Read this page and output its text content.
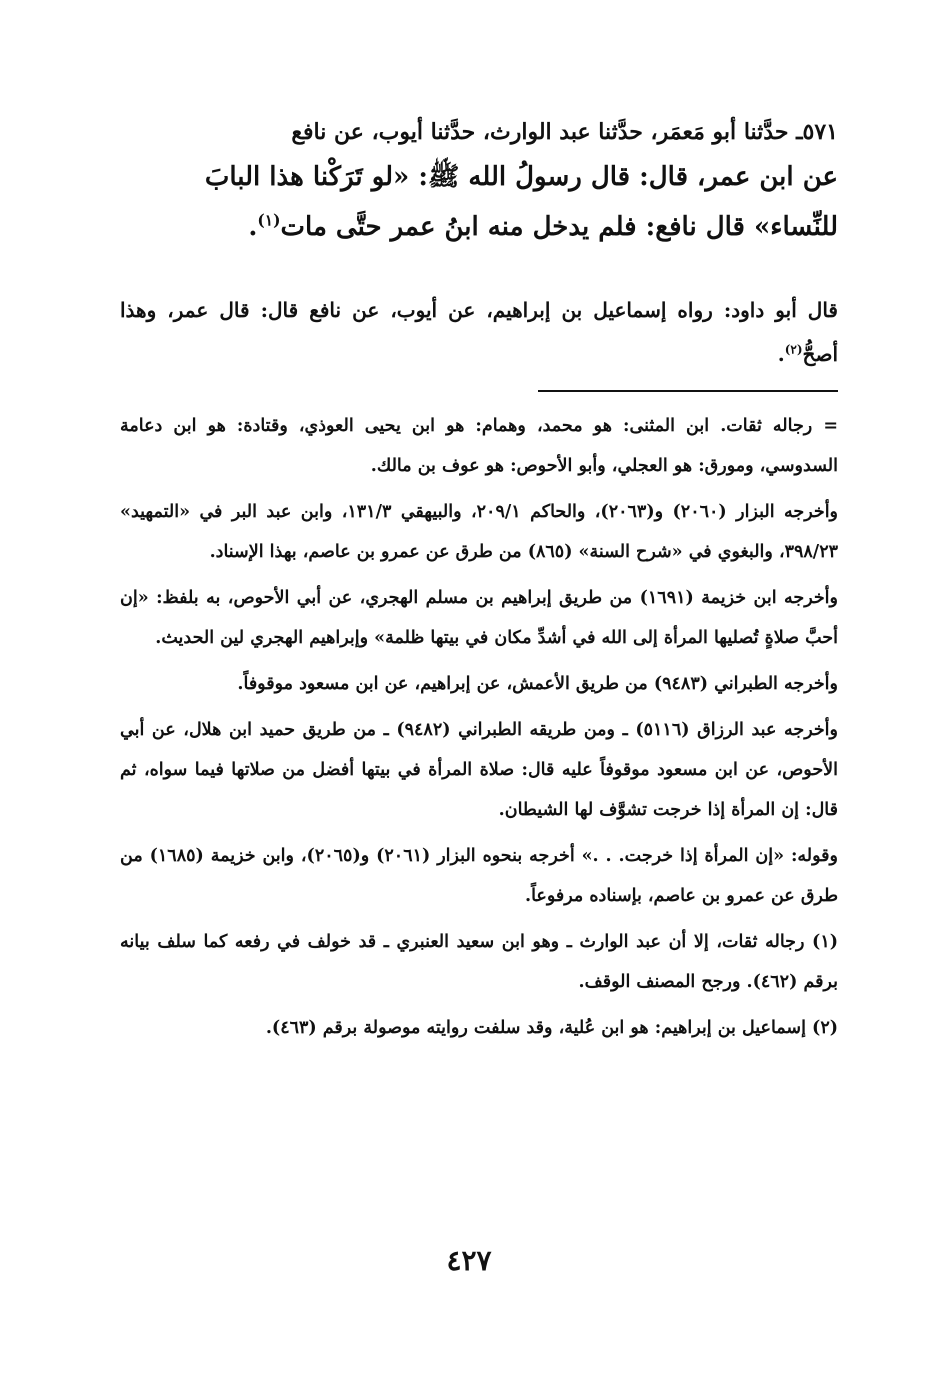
٥٧١ـ حدَّثنا أبو مَعمَر، حدَّثنا عبد الوارث، حدَّثنا أيوب، عن نافع
عن ابن عمر، قال: قال رسولُ الله ﷺ: «لو تَرَكْنا هذا البابَ
للنِّساء» قال نافع: فلم يدخل منه ابنُ عمر حتَّى مات$^{(١)}$.
قال أبو داود: رواه إسماعيل بن إبراهيم، عن أيوب، عن نافع قال: قال عمر، وهذا أصحُّ$^{(٢)}$.

= رجاله ثقات. ابن المثنى: هو محمد، وهمام: هو ابن يحيى العوذي، وقتادة: هو ابن دعامة السدوسي، ومورق: هو العجلي، وأبو الأحوص: هو عوف بن مالك.

وأخرجه البزار (٢٠٦٠) و(٢٠٦٣)، والحاكم ٢٠٩/١، والبيهقي ١٣١/٣، وابن عبد البر في «التمهيد» ٣٩٨/٢٣، والبغوي في «شرح السنة» (٨٦٥) من طرق عن عمرو بن عاصم، بهذا الإسناد.

وأخرجه ابن خزيمة (١٦٩١) من طريق إبراهيم بن مسلم الهجري، عن أبي الأحوص، به بلفظ: «إن أحبَّ صلاةٍ تُصليها المرأة إلى الله في أشدِّ مكان في بيتها ظلمة» وإبراهيم الهجري لين الحديث.

وأخرجه الطبراني (٩٤٨٣) من طريق الأعمش، عن إبراهيم، عن ابن مسعود موقوفاً.

وأخرجه عبد الرزاق (٥١١٦) ـ ومن طريقه الطبراني (٩٤٨٢) ـ من طريق حميد ابن هلال، عن أبي الأحوص، عن ابن مسعود موقوفاً عليه قال: صلاة المرأة في بيتها أفضل من صلاتها فيما سواه، ثم قال: إن المرأة إذا خرجت تشوَّف لها الشيطان.

وقوله: «إن المرأة إذا خرجت. . .» أخرجه بنحوه البزار (٢٠٦١) و(٢٠٦٥)، وابن خزيمة (١٦٨٥) من طرق عن عمرو بن عاصم، بإسناده مرفوعاً.

(١) رجاله ثقات، إلا أن عبد الوارث ـ وهو ابن سعيد العنبري ـ قد خولف في رفعه كما سلف بيانه برقم (٤٦٢). ورجح المصنف الوقف.

(٢) إسماعيل بن إبراهيم: هو ابن عُلية، وقد سلفت روايته موصولة برقم (٤٦٣).

٤٢٧
